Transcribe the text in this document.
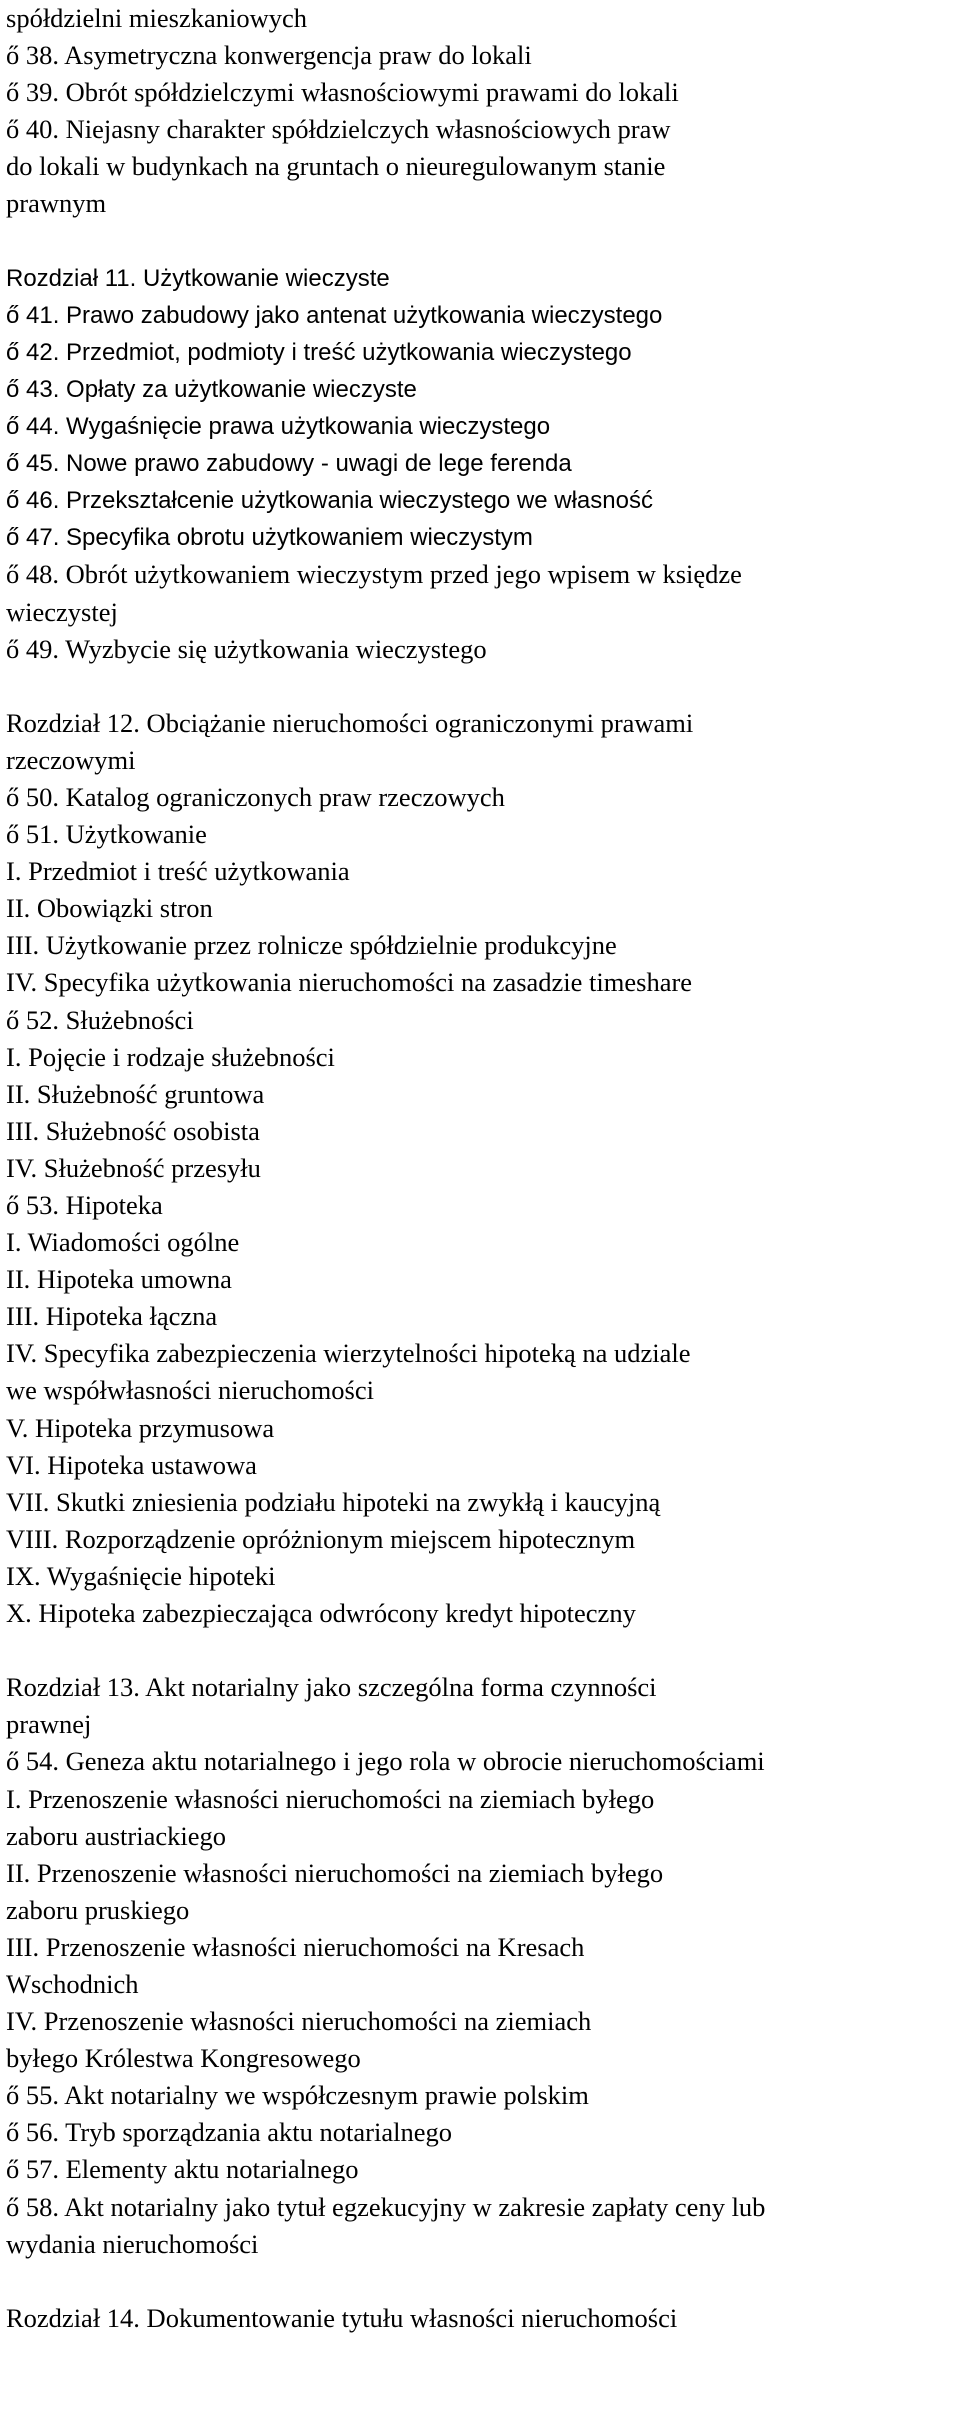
spółdzielni mieszkaniowych
ő 38. Asymetryczna konwergencja praw do lokali
ő 39. Obrót spółdzielczymi własnościowymi prawami do lokali
ő 40. Niejasny charakter spółdzielczych własnościowych praw
do lokali w budynkach na gruntach o nieuregulowanym stanie
prawnym
Rozdział 11. Użytkowanie wieczyste
ő 41. Prawo zabudowy jako antenat użytkowania wieczystego
ő 42. Przedmiot, podmioty i treść użytkowania wieczystego
ő 43. Opłaty za użytkowanie wieczyste
ő 44. Wygaśnięcie prawa użytkowania wieczystego
ő 45. Nowe prawo zabudowy - uwagi de lege ferenda
ő 46. Przekształcenie użytkowania wieczystego we własność
ő 47. Specyfika obrotu użytkowaniem wieczystym
ő 48. Obrót użytkowaniem wieczystym przed jego wpisem w księdze
wieczystej
ő 49. Wyzbycie się użytkowania wieczystego
Rozdział 12. Obciążanie nieruchomości ograniczonymi prawami
rzeczowymi
ő 50. Katalog ograniczonych praw rzeczowych
ő 51. Użytkowanie
I. Przedmiot i treść użytkowania
II. Obowiązki stron
III. Użytkowanie przez rolnicze spółdzielnie produkcyjne
IV. Specyfika użytkowania nieruchomości na zasadzie timeshare
ő 52. Służebności
I. Pojęcie i rodzaje służebności
II. Służebność gruntowa
III. Służebność osobista
IV. Służebność przesyłu
ő 53. Hipoteka
I. Wiadomości ogólne
II. Hipoteka umowna
III. Hipoteka łączna
IV. Specyfika zabezpieczenia wierzytelności hipoteką na udziale
we współwłasności nieruchomości
V. Hipoteka przymusowa
VI. Hipoteka ustawowa
VII. Skutki zniesienia podziału hipoteki na zwykłą i kaucyjną
VIII. Rozporządzenie opróżnionym miejscem hipotecznym
IX. Wygaśnięcie hipoteki
X. Hipoteka zabezpieczająca odwrócony kredyt hipoteczny
Rozdział 13. Akt notarialny jako szczególna forma czynności
prawnej
ő 54. Geneza aktu notarialnego i jego rola w obrocie nieruchomościami
I. Przenoszenie własności nieruchomości na ziemiach byłego
zaboru austriackiego
II. Przenoszenie własności nieruchomości na ziemiach byłego
zaboru pruskiego
III. Przenoszenie własności nieruchomości na Kresach
Wschodnich
IV. Przenoszenie własności nieruchomości na ziemiach
byłego Królestwa Kongresowego
ő 55. Akt notarialny we współczesnym prawie polskim
ő 56. Tryb sporządzania aktu notarialnego
ő 57. Elementy aktu notarialnego
ő 58. Akt notarialny jako tytuł egzekucyjny w zakresie zapłaty ceny lub
wydania nieruchomości
Rozdział 14. Dokumentowanie tytułu własności nieruchomości
